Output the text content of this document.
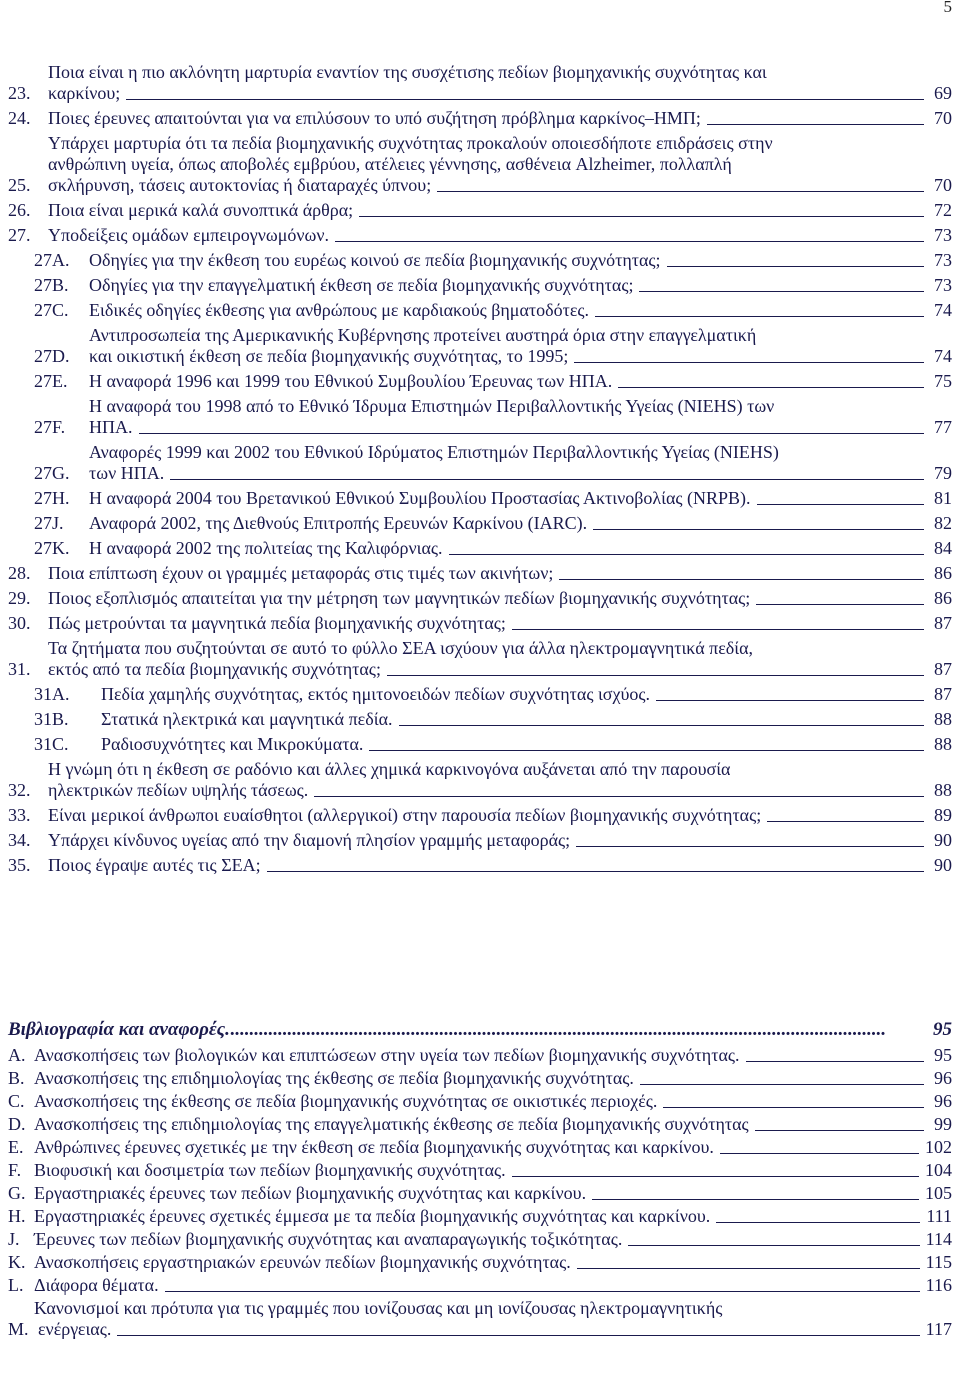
5
23.
Ποια είναι η πιο ακλόνητη μαρτυρία εναντίον της συσχέτισης πεδίων βιομηχανικής συχνότητας και
καρκίνου;	69
24. Ποιες έρευνες απαιτούνται για να επιλύσουν το υπό συζήτηση πρόβλημα καρκίνος–ΗΜΠ;	70
25.
Υπάρχει μαρτυρία ότι τα πεδία βιομηχανικής συχνότητας προκαλούν οποιεσδήποτε επιδράσεις στην
ανθρώπινη υγεία, όπως αποβολές εμβρύου, ατέλειες γέννησης, ασθένεια Alzheimer, πολλαπλή
σκλήρυνση, τάσεις αυτοκτονίας ή διαταραχές ύπνου;	70
26. Ποια είναι μερικά καλά συνοπτικά άρθρα;	72
27. Υποδείξεις ομάδων εμπειρογνωμόνων.	73
27A.	Οδηγίες για την έκθεση του ευρέως κοινού σε πεδία βιομηχανικής συχνότητας;	73
27B.	Οδηγίες για την επαγγελματική έκθεση σε πεδία βιομηχανικής συχνότητας;	73
27C.	Ειδικές οδηγίες έκθεσης για ανθρώπους με καρδιακούς βηματοδότες.	74
27D.
Αντιπροσωπεία της Αμερικανικής Κυβέρνησης προτείνει αυστηρά όρια στην επαγγελματική
και οικιστική έκθεση σε πεδία βιομηχανικής συχνότητας, το 1995;	74
27E.	Η αναφορά 1996 και 1999 του Εθνικού Συμβουλίου Έρευνας των ΗΠΑ.	75
27F.
Η αναφορά του 1998 από το Εθνικό Ίδρυμα Επιστημών Περιβαλλοντικής Υγείας (NIEHS) των
ΗΠΑ.	77
27G.
Αναφορές 1999 και 2002 του Εθνικού Ιδρύματος Επιστημών Περιβαλλοντικής Υγείας (NIEHS)
των ΗΠΑ.	79
27H.	Η αναφορά 2004 του Βρετανικού Εθνικού Συμβουλίου Προστασίας Ακτινοβολίας (NRPB).	81
27J.	Αναφορά 2002, της Διεθνούς Επιτροπής Ερευνών Καρκίνου (IARC).	82
27K.	Η αναφορά 2002 της πολιτείας της Καλιφόρνιας.	84
28. Ποια επίπτωση έχουν οι γραμμές μεταφοράς στις τιμές των ακινήτων;	86
29. Ποιος εξοπλισμός απαιτείται για την μέτρηση των μαγνητικών πεδίων βιομηχανικής συχνότητας;	86
30. Πώς μετρούνται τα μαγνητικά πεδία βιομηχανικής συχνότητας;	87
31.
Τα ζητήματα που συζητούνται σε αυτό το φύλλο ΣΕΑ ισχύουν για άλλα ηλεκτρομαγνητικά πεδία,
εκτός από τα πεδία βιομηχανικής συχνότητας;	87
31A.	Πεδία χαμηλής συχνότητας, εκτός ημιτονοειδών πεδίων συχνότητας ισχύος.	87
31B.	Στατικά ηλεκτρικά και μαγνητικά πεδία.	88
31C.	Ραδιοσυχνότητες και Μικροκύματα.	88
32.
Η γνώμη ότι η έκθεση σε ραδόνιο και άλλες χημικά καρκινογόνα αυξάνεται από την παρουσία
ηλεκτρικών πεδίων υψηλής τάσεως.	88
33. Είναι μερικοί άνθρωποι ευαίσθητοι (αλλεργικοί) στην παρουσία πεδίων βιομηχανικής συχνότητας;	89
34. Υπάρχει κίνδυνος υγείας από την διαμονή πλησίον γραμμής μεταφοράς;	90
35. Ποιος έγραψε αυτές τις ΣΕΑ;	90
Βιβλιογραφία και αναφορές. ..........................................................................................................................................	95
A. Ανασκοπήσεις των βιολογικών και επιπτώσεων στην υγεία των πεδίων βιομηχανικής συχνότητας.	95
B. Ανασκοπήσεις της επιδημιολογίας της έκθεσης σε πεδία βιομηχανικής συχνότητας.	96
C. Ανασκοπήσεις της έκθεσης σε πεδία βιομηχανικής συχνότητας σε οικιστικές περιοχές.	96
D. Ανασκοπήσεις της επιδημιολογίας της επαγγελματικής έκθεσης σε πεδία βιομηχανικής συχνότητας	99
E. Ανθρώπινες έρευνες σχετικές με την έκθεση σε πεδία βιομηχανικής συχνότητας και καρκίνου.	102
F. Βιοφυσική και δοσιμετρία των πεδίων βιομηχανικής συχνότητας.	104
G. Εργαστηριακές έρευνες των πεδίων βιομηχανικής συχνότητας και καρκίνου.	105
H. Εργαστηριακές έρευνες σχετικές έμμεσα με τα πεδία βιομηχανικής συχνότητας και καρκίνου.	111
J. Έρευνες των πεδίων βιομηχανικής συχνότητας και αναπαραγωγικής τοξικότητας.	114
K. Ανασκοπήσεις εργαστηριακών ερευνών πεδίων βιομηχανικής συχνότητας.	115
L. Διάφορα θέματα.	116
M.
Κανονισμοί και πρότυπα για τις γραμμές που ιονίζουσας και μη ιονίζουσας ηλεκτρομαγνητικής
ενέργειας.	117
